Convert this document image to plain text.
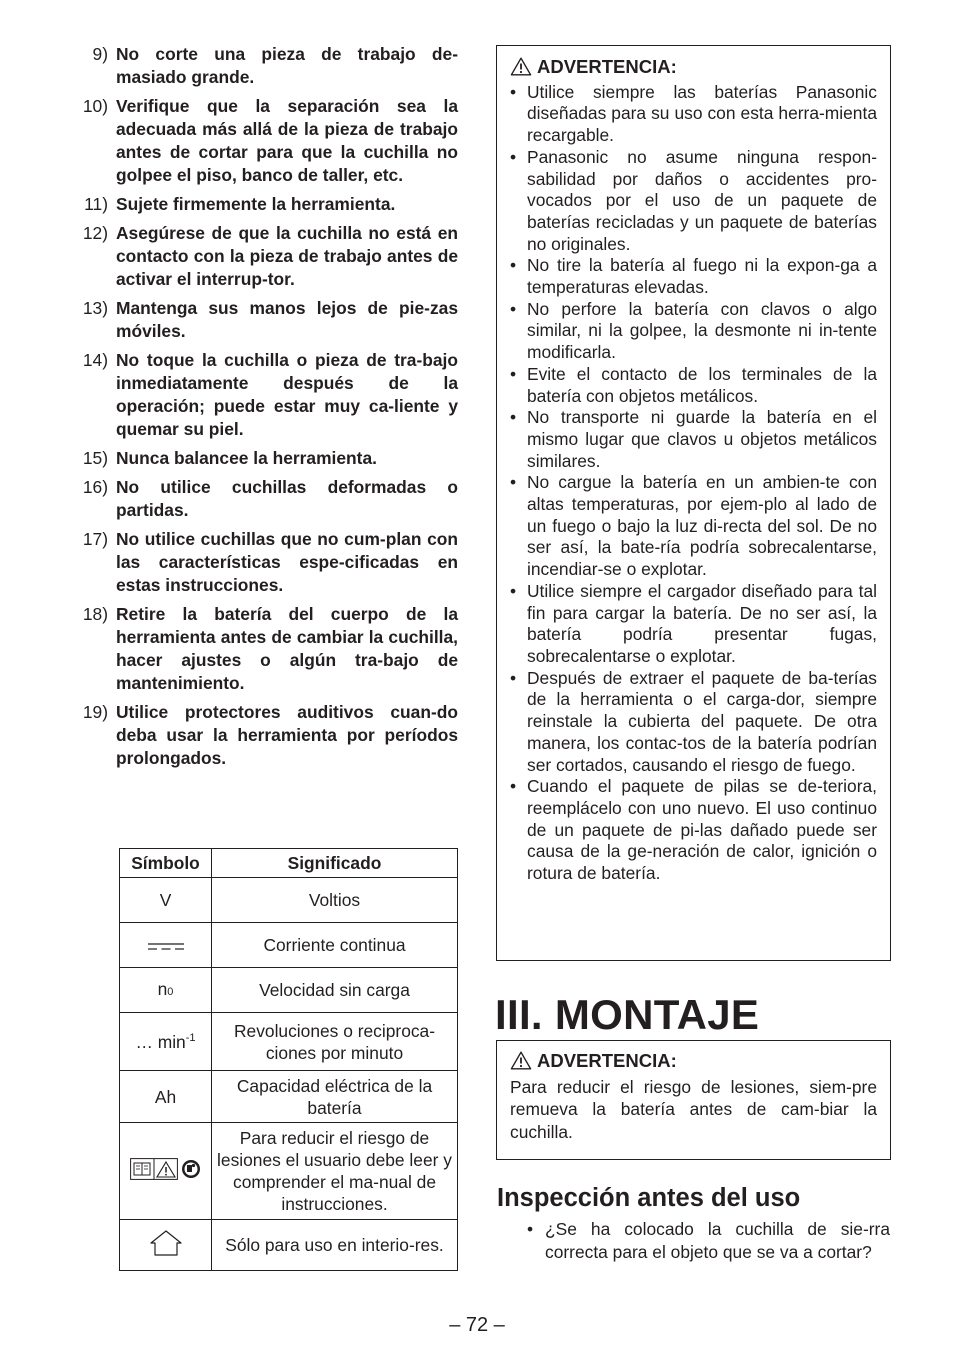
9) No corte una pieza de trabajo de-masiado grande.
10) Verifique que la separación sea la adecuada más allá de la pieza de trabajo antes de cortar para que la cuchilla no golpee el piso, banco de taller, etc.
11) Sujete firmemente la herramienta.
12) Asegúrese de que la cuchilla no está en contacto con la pieza de trabajo antes de activar el interrup-tor.
13) Mantenga sus manos lejos de pie-zas móviles.
14) No toque la cuchilla o pieza de tra-bajo inmediatamente después de la operación; puede estar muy ca-liente y quemar su piel.
15) Nunca balancee la herramienta.
16) No utilice cuchillas deformadas o partidas.
17) No utilice cuchillas que no cum-plan con las características espe-cificadas en estas instrucciones.
18) Retire la batería del cuerpo de la herramienta antes de cambiar la cuchilla, hacer ajustes o algún tra-bajo de mantenimiento.
19) Utilice protectores auditivos cuan-do deba usar la herramienta por períodos prolongados.
Símbolo	Significado
V	Voltios
	Corriente continua
n0	Velocidad sin carga
… $\min^{-1}$	Revoluciones o reciproca-ciones por minuto
Ah	Capacidad eléctrica de la batería

	Para reducir el riesgo de lesiones el usuario debe leer y comprender el ma-nual de instrucciones.
	Sólo para uso en interio-res.
ADVERTENCIA:
• Utilice siempre las baterías Panasonic diseñadas para su uso con esta herra-mienta recargable.
• Panasonic no asume ninguna respon-sabilidad por daños o accidentes pro-vocados por el uso de un paquete de baterías recicladas y un paquete de baterías no originales.
• No tire la batería al fuego ni la expon-ga a temperaturas elevadas.
• No perfore la batería con clavos o algo similar, ni la golpee, la desmonte ni in-tente modificarla.
• Evite el contacto de los terminales de la batería con objetos metálicos.
• No transporte ni guarde la batería en el mismo lugar que clavos u objetos metálicos similares.
• No cargue la batería en un ambien-te con altas temperaturas, por ejem-plo al lado de un fuego o bajo la luz di-recta del sol. De no ser así, la bate-ría podría sobrecalentarse, incendiar-se o explotar.
• Utilice siempre el cargador diseñado para tal fin para cargar la batería. De no ser así, la batería podría presentar fugas, sobrecalentarse o explotar.
• Después de extraer el paquete de ba-terías de la herramienta o el carga-dor, siempre reinstale la cubierta del paquete. De otra manera, los contac-tos de la batería podrían ser cortados, causando el riesgo de fuego.
• Cuando el paquete de pilas se de-teriora, reemplácelo con uno nuevo. El uso continuo de un paquete de pi-las dañado puede ser causa de la ge-neración de calor, ignición o rotura de batería.
III. MONTAJE
ADVERTENCIA:
Para reducir el riesgo de lesiones, siem-pre remueva la batería antes de cam-biar la cuchilla.
Inspección antes del uso
• ¿Se ha colocado la cuchilla de sie-rra correcta para el objeto que se va a cortar?
– 72 –
